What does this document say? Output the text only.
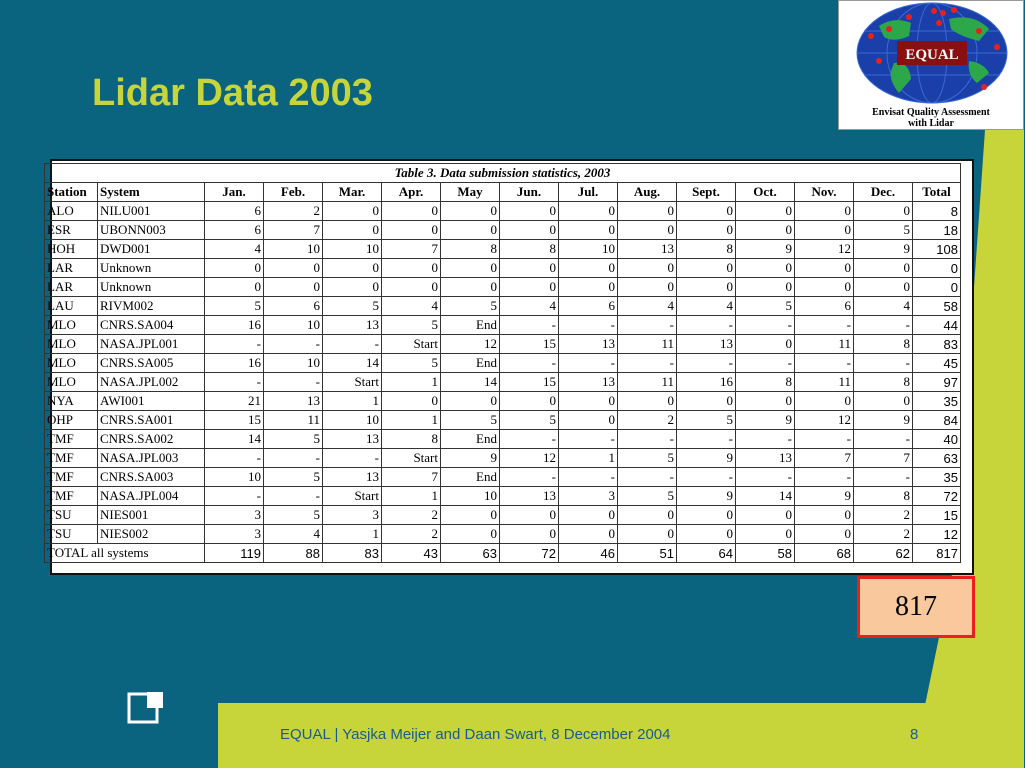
Lidar Data 2003
EQUAL
Envisat Quality Assessment
with Lidar
Table 3. Data submission statistics, 2003														
Station	System	Jan.	Feb.	Mar.	Apr.	May	Jun.	Jul.	Aug.	Sept.	Oct.	Nov.	Dec.	Total
ALO	NILU001	6	2	0	0	0	0	0	0	0	0	0	0	8
ESR	UBONN003	6	7	0	0	0	0	0	0	0	0	0	5	18
HOH	DWD001	4	10	10	7	8	8	10	13	8	9	12	9	108
LAR	Unknown	0	0	0	0	0	0	0	0	0	0	0	0	0
LAR	Unknown	0	0	0	0	0	0	0	0	0	0	0	0	0
LAU	RIVM002	5	6	5	4	5	4	6	4	4	5	6	4	58
MLO	CNRS.SA004	16	10	13	5	End	-	-	-	-	-	-	-	44
MLO	NASA.JPL001	-	-	-	Start	12	15	13	11	13	0	11	8	83
MLO	CNRS.SA005	16	10	14	5	End	-	-	-	-	-	-	-	45
MLO	NASA.JPL002	-	-	Start	1	14	15	13	11	16	8	11	8	97
NYA	AWI001	21	13	1	0	0	0	0	0	0	0	0	0	35
OHP	CNRS.SA001	15	11	10	1	5	5	0	2	5	9	12	9	84
TMF	CNRS.SA002	14	5	13	8	End	-	-	-	-	-	-	-	40
TMF	NASA.JPL003	-	-	-	Start	9	12	1	5	9	13	7	7	63
TMF	CNRS.SA003	10	5	13	7	End	-	-	-	-	-	-	-	35
TMF	NASA.JPL004	-	-	Start	1	10	13	3	5	9	14	9	8	72
TSU	NIES001	3	5	3	2	0	0	0	0	0	0	0	2	15
TSU	NIES002	3	4	1	2	0	0	0	0	0	0	0	2	12
TOTAL all systems		119	88	83	43	63	72	46	51	64	58	68	62	817
817
EQUAL | Yasjka Meijer and Daan Swart, 8 December 2004	8
